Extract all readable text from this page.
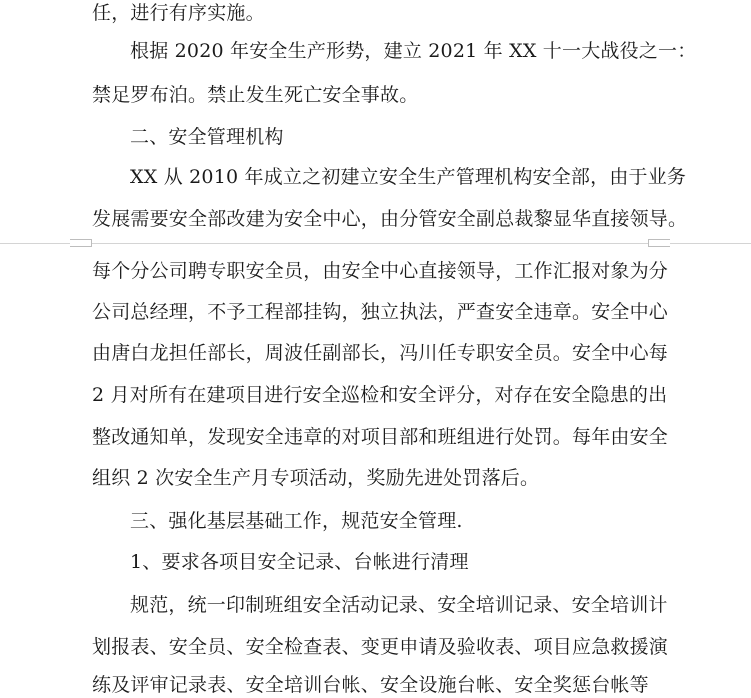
任，进行有序实施。
根据 2020 年安全生产形势，建立 2021 年 XX 十一大战役之一：
禁足罗布泊。禁止发生死亡安全事故。
二、安全管理机构
XX 从 2010 年成立之初建立安全生产管理机构安全部，由于业务
发展需要安全部改建为安全中心，由分管安全副总裁黎显华直接领导。
每个分公司聘专职安全员，由安全中心直接领导，工作汇报对象为分
公司总经理，不予工程部挂钩，独立执法，严查安全违章。安全中心
由唐白龙担任部长，周波任副部长，冯川任专职安全员。安全中心每
2 月对所有在建项目进行安全巡检和安全评分，对存在安全隐患的出
整改通知单，发现安全违章的对项目部和班组进行处罚。每年由安全
组织 2 次安全生产月专项活动，奖励先进处罚落后。
三、强化基层基础工作，规范安全管理.
1、要求各项目安全记录、台帐进行清理
规范，统一印制班组安全活动记录、安全培训记录、安全培训计
划报表、安全员、安全检查表、变更申请及验收表、项目应急救援演
练及评审记录表、安全培训台帐、安全设施台帐、安全奖惩台帐等
